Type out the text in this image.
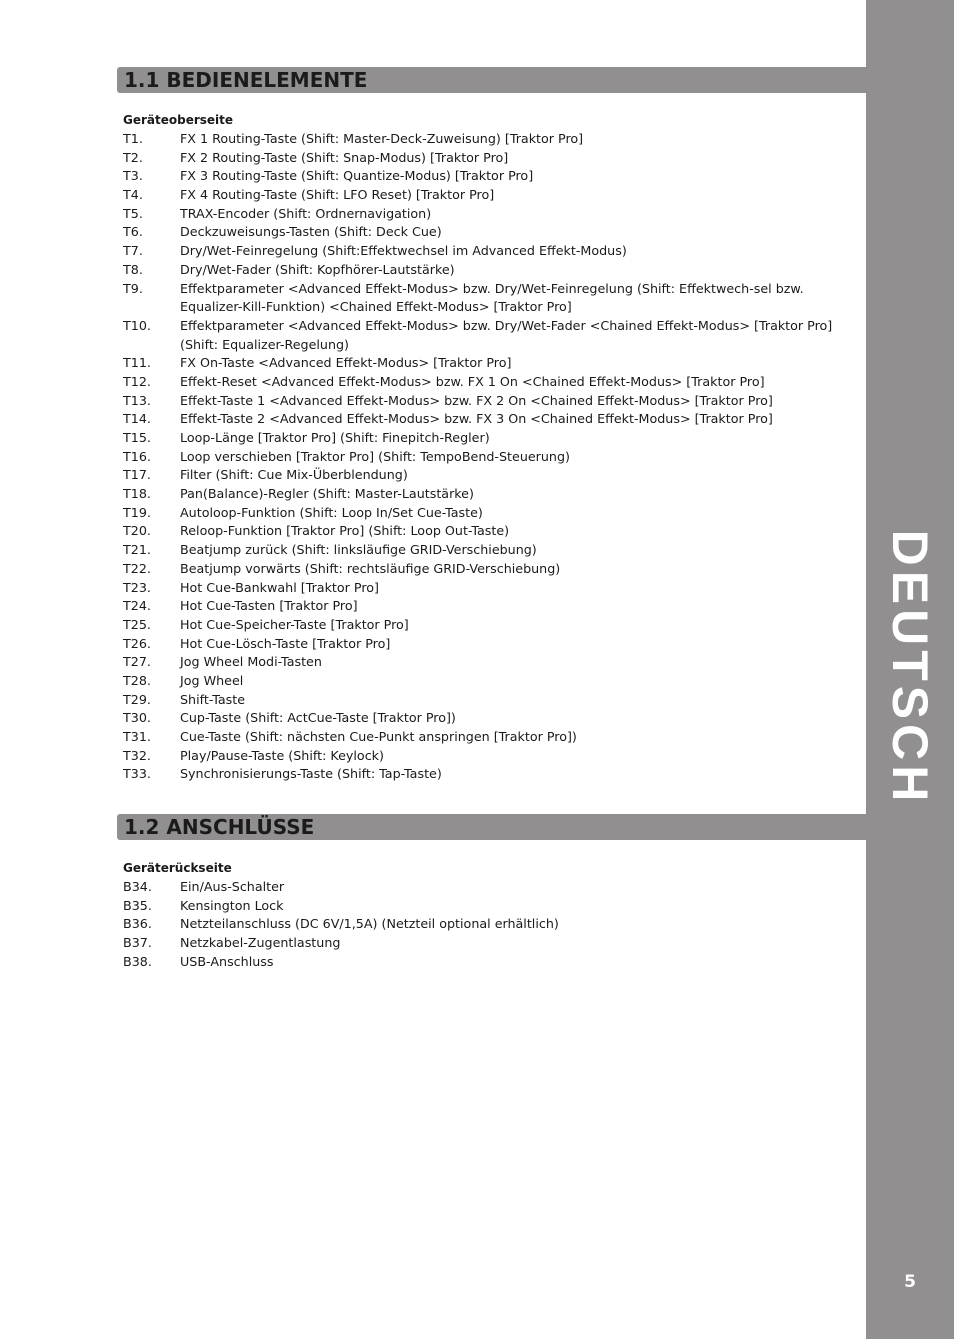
DEUTSCH
5
1.1 BEDIENELEMENTE

Geräteoberseite

T1.	FX 1 Routing-Taste (Shift: Master-Deck-Zuweisung) [Traktor Pro]
T2.	FX 2 Routing-Taste (Shift: Snap-Modus) [Traktor Pro]
T3.	FX 3 Routing-Taste (Shift: Quantize-Modus) [Traktor Pro]
T4.	FX 4 Routing-Taste (Shift: LFO Reset) [Traktor Pro]
T5.	TRAX-Encoder (Shift: Ordnernavigation)
T6.	Deckzuweisungs-Tasten (Shift: Deck Cue)
T7.	Dry/Wet-Feinregelung (Shift:Effektwechsel im Advanced Effekt-Modus)
T8.	Dry/Wet-Fader (Shift: Kopfhörer-Lautstärke)
T9.	Effektparameter <Advanced Effekt-Modus> bzw. Dry/Wet-Feinregelung (Shift: Effektwech-sel bzw. Equalizer-Kill-Funktion) <Chained Effekt-Modus> [Traktor Pro]
T10.	Effektparameter <Advanced Effekt-Modus> bzw. Dry/Wet-Fader <Chained Effekt-Modus> [Traktor Pro] (Shift: Equalizer-Regelung)
T11.	FX On-Taste <Advanced Effekt-Modus> [Traktor Pro]
T12.	Effekt-Reset <Advanced Effekt-Modus> bzw. FX 1 On <Chained Effekt-Modus> [Traktor Pro]
T13.	Effekt-Taste 1 <Advanced Effekt-Modus> bzw. FX 2 On <Chained Effekt-Modus> [Traktor Pro]
T14.	Effekt-Taste 2 <Advanced Effekt-Modus> bzw. FX 3 On <Chained Effekt-Modus> [Traktor Pro]
T15.	Loop-Länge [Traktor Pro] (Shift: Finepitch-Regler)
T16.	Loop verschieben [Traktor Pro] (Shift: TempoBend-Steuerung)
T17.	Filter (Shift: Cue Mix-Überblendung)
T18.	Pan(Balance)-Regler (Shift: Master-Lautstärke)
T19.	Autoloop-Funktion (Shift: Loop In/Set Cue-Taste)
T20.	Reloop-Funktion [Traktor Pro] (Shift: Loop Out-Taste)
T21.	Beatjump zurück (Shift: linksläufige GRID-Verschiebung)
T22.	Beatjump vorwärts (Shift: rechtsläufige GRID-Verschiebung)
T23.	Hot Cue-Bankwahl [Traktor Pro]
T24.	Hot Cue-Tasten [Traktor Pro]
T25.	Hot Cue-Speicher-Taste [Traktor Pro]
T26.	Hot Cue-Lösch-Taste [Traktor Pro]
T27.	Jog Wheel Modi-Tasten
T28.	Jog Wheel
T29.	Shift-Taste
T30.	Cup-Taste (Shift: ActCue-Taste [Traktor Pro])
T31.	Cue-Taste (Shift: nächsten Cue-Punkt anspringen [Traktor Pro])
T32.	Play/Pause-Taste (Shift: Keylock)
T33.	Synchronisierungs-Taste (Shift: Tap-Taste)
1.2 ANSCHLÜSSE

Geräterückseite

B34.	Ein/Aus-Schalter
B35.	Kensington Lock
B36.	Netzteilanschluss (DC 6V/1,5A) (Netzteil optional erhältlich)
B37.	Netzkabel-Zugentlastung
B38.	USB-Anschluss
